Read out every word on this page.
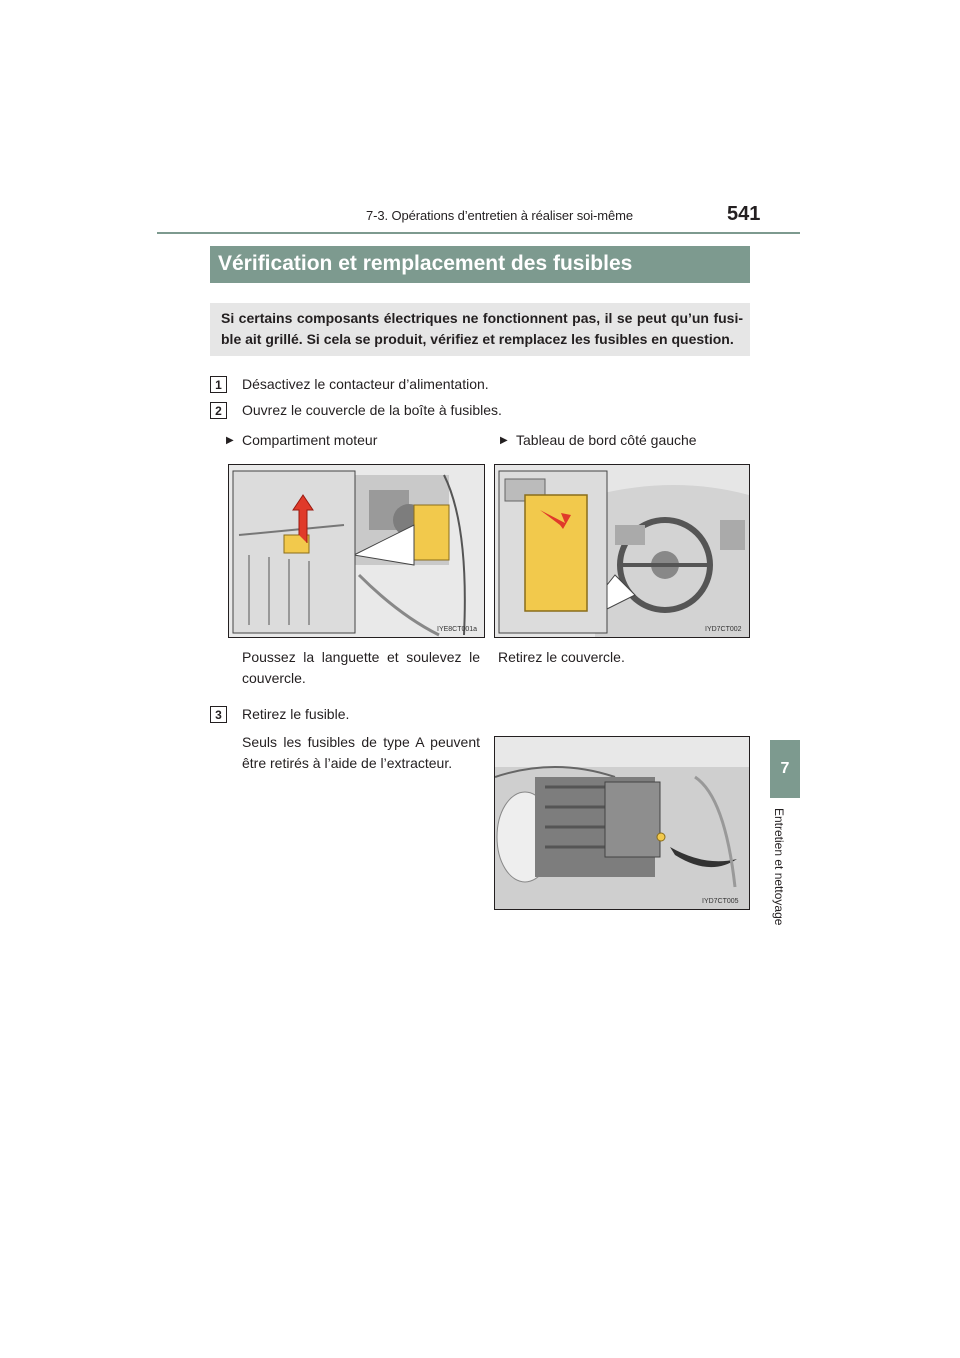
7-3. Opérations d’entretien à réaliser soi-même	541
7
Entretien et nettoyage
Vérification et remplacement des fusibles
Si certains composants électriques ne fonctionnent pas, il se peut qu’un fusi-ble ait grillé. Si cela se produit, vérifiez et remplacez les fusibles en question.
1	Désactivez le contacteur d’alimentation.
2	Ouvrez le couvercle de la boîte à fusibles.
▶ Compartiment moteur	▶ Tableau de bord côté gauche
IYE8CT001a	IYD7CT002
Poussez la languette et soulevez le couvercle.
Retirez le couvercle.
3	Retirez le fusible.
Seuls les fusibles de type A peuvent être retirés à l’aide de l’extracteur.
IYD7CT005
